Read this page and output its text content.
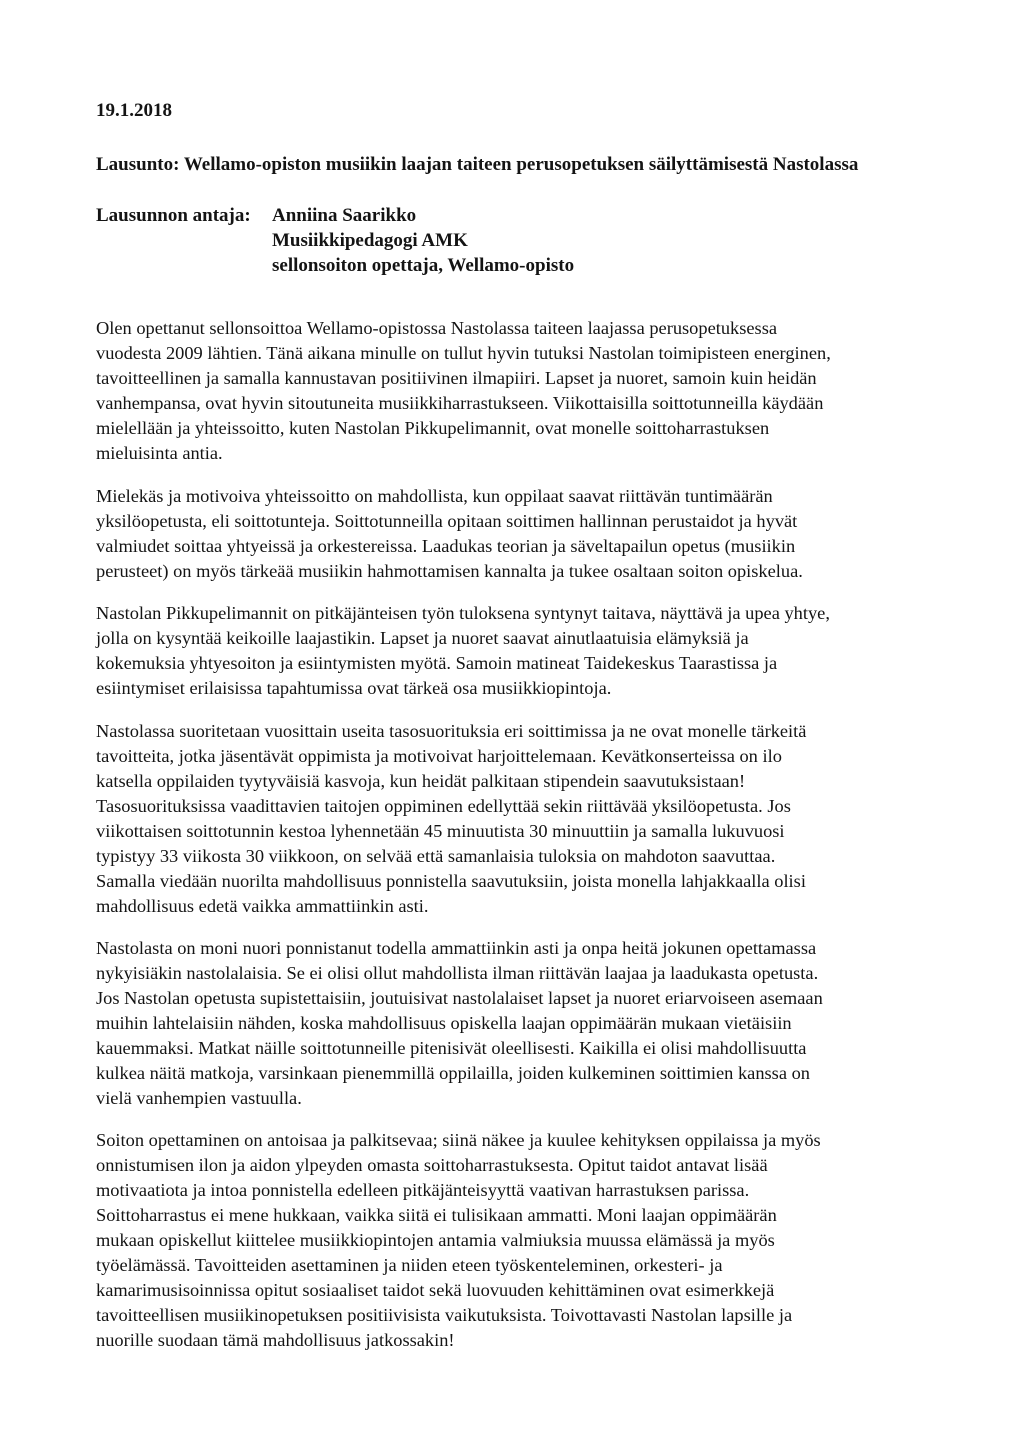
19.1.2018

Lausunto: Wellamo-opiston musiikin laajan taiteen perusopetuksen säilyttämisestä Nastolassa

Lausunnon antaja:	Anniina Saarikko
Musiikkipedagogi AMK
sellonsoiton opettaja, Wellamo-opisto

Olen opettanut sellonsoittoa Wellamo-opistossa Nastolassa taiteen laajassa perusopetuksessa
vuodesta 2009 lähtien. Tänä aikana minulle on tullut hyvin tutuksi Nastolan toimipisteen energinen,
tavoitteellinen ja samalla kannustavan positiivinen ilmapiiri. Lapset ja nuoret, samoin kuin heidän
vanhempansa, ovat hyvin sitoutuneita musiikkiharrastukseen. Viikottaisilla soittotunneilla käydään
mielellään ja yhteissoitto, kuten Nastolan Pikkupelimannit, ovat monelle soittoharrastuksen
mieluisinta antia.

Mielekäs ja motivoiva yhteissoitto on mahdollista, kun oppilaat saavat riittävän tuntimäärän
yksilöopetusta, eli soittotunteja. Soittotunneilla opitaan soittimen hallinnan perustaidot ja hyvät
valmiudet soittaa yhtyeissä ja orkestereissa. Laadukas teorian ja säveltapailun opetus (musiikin
perusteet) on myös tärkeää musiikin hahmottamisen kannalta ja tukee osaltaan soiton opiskelua.

Nastolan Pikkupelimannit on pitkäjänteisen työn tuloksena syntynyt taitava, näyttävä ja upea yhtye,
jolla on kysyntää keikoille laajastikin. Lapset ja nuoret saavat ainutlaatuisia elämyksiä ja
kokemuksia yhtyesoiton ja esiintymisten myötä. Samoin matineat Taidekeskus Taarastissa ja
esiintymiset erilaisissa tapahtumissa ovat tärkeä osa musiikkiopintoja.

Nastolassa suoritetaan vuosittain useita tasosuorituksia eri soittimissa ja ne ovat monelle tärkeitä
tavoitteita, jotka jäsentävät oppimista ja motivoivat harjoittelemaan. Kevätkonserteissa on ilo
katsella oppilaiden tyytyväisiä kasvoja, kun heidät palkitaan stipendein saavutuksistaan!
Tasosuorituksissa vaadittavien taitojen oppiminen edellyttää sekin riittävää yksilöopetusta. Jos
viikottaisen soittotunnin kestoa lyhennetään 45 minuutista 30 minuuttiin ja samalla lukuvuosi
typistyy 33 viikosta 30 viikkoon, on selvää että samanlaisia tuloksia on mahdoton saavuttaa.
Samalla viedään nuorilta mahdollisuus ponnistella saavutuksiin, joista monella lahjakkaalla olisi
mahdollisuus edetä vaikka ammattiinkin asti.

Nastolasta on moni nuori ponnistanut todella ammattiinkin asti ja onpa heitä jokunen opettamassa
nykyisiäkin nastolalaisia. Se ei olisi ollut mahdollista ilman riittävän laajaa ja laadukasta opetusta.
Jos Nastolan opetusta supistettaisiin, joutuisivat nastolalaiset lapset ja nuoret eriarvoiseen asemaan
muihin lahtelaisiin nähden, koska mahdollisuus opiskella laajan oppimäärän mukaan vietäisiin
kauemmaksi. Matkat näille soittotunneille pitenisivät oleellisesti. Kaikilla ei olisi mahdollisuutta
kulkea näitä matkoja, varsinkaan pienemmillä oppilailla, joiden kulkeminen soittimien kanssa on
vielä vanhempien vastuulla.

Soiton opettaminen on antoisaa ja palkitsevaa; siinä näkee ja kuulee kehityksen oppilaissa ja myös
onnistumisen ilon ja aidon ylpeyden omasta soittoharrastuksesta. Opitut taidot antavat lisää
motivaatiota ja intoa ponnistella edelleen pitkäjänteisyyttä vaativan harrastuksen parissa.
Soittoharrastus ei mene hukkaan, vaikka siitä ei tulisikaan ammatti. Moni laajan oppimäärän
mukaan opiskellut kiittelee musiikkiopintojen antamia valmiuksia muussa elämässä ja myös
työelämässä. Tavoitteiden asettaminen ja niiden eteen työskenteleminen, orkesteri- ja
kamarimusisoinnissa opitut sosiaaliset taidot sekä luovuuden kehittäminen ovat esimerkkejä
tavoitteellisen musiikinopetuksen positiivisista vaikutuksista. Toivottavasti Nastolan lapsille ja
nuorille suodaan tämä mahdollisuus jatkossakin!
